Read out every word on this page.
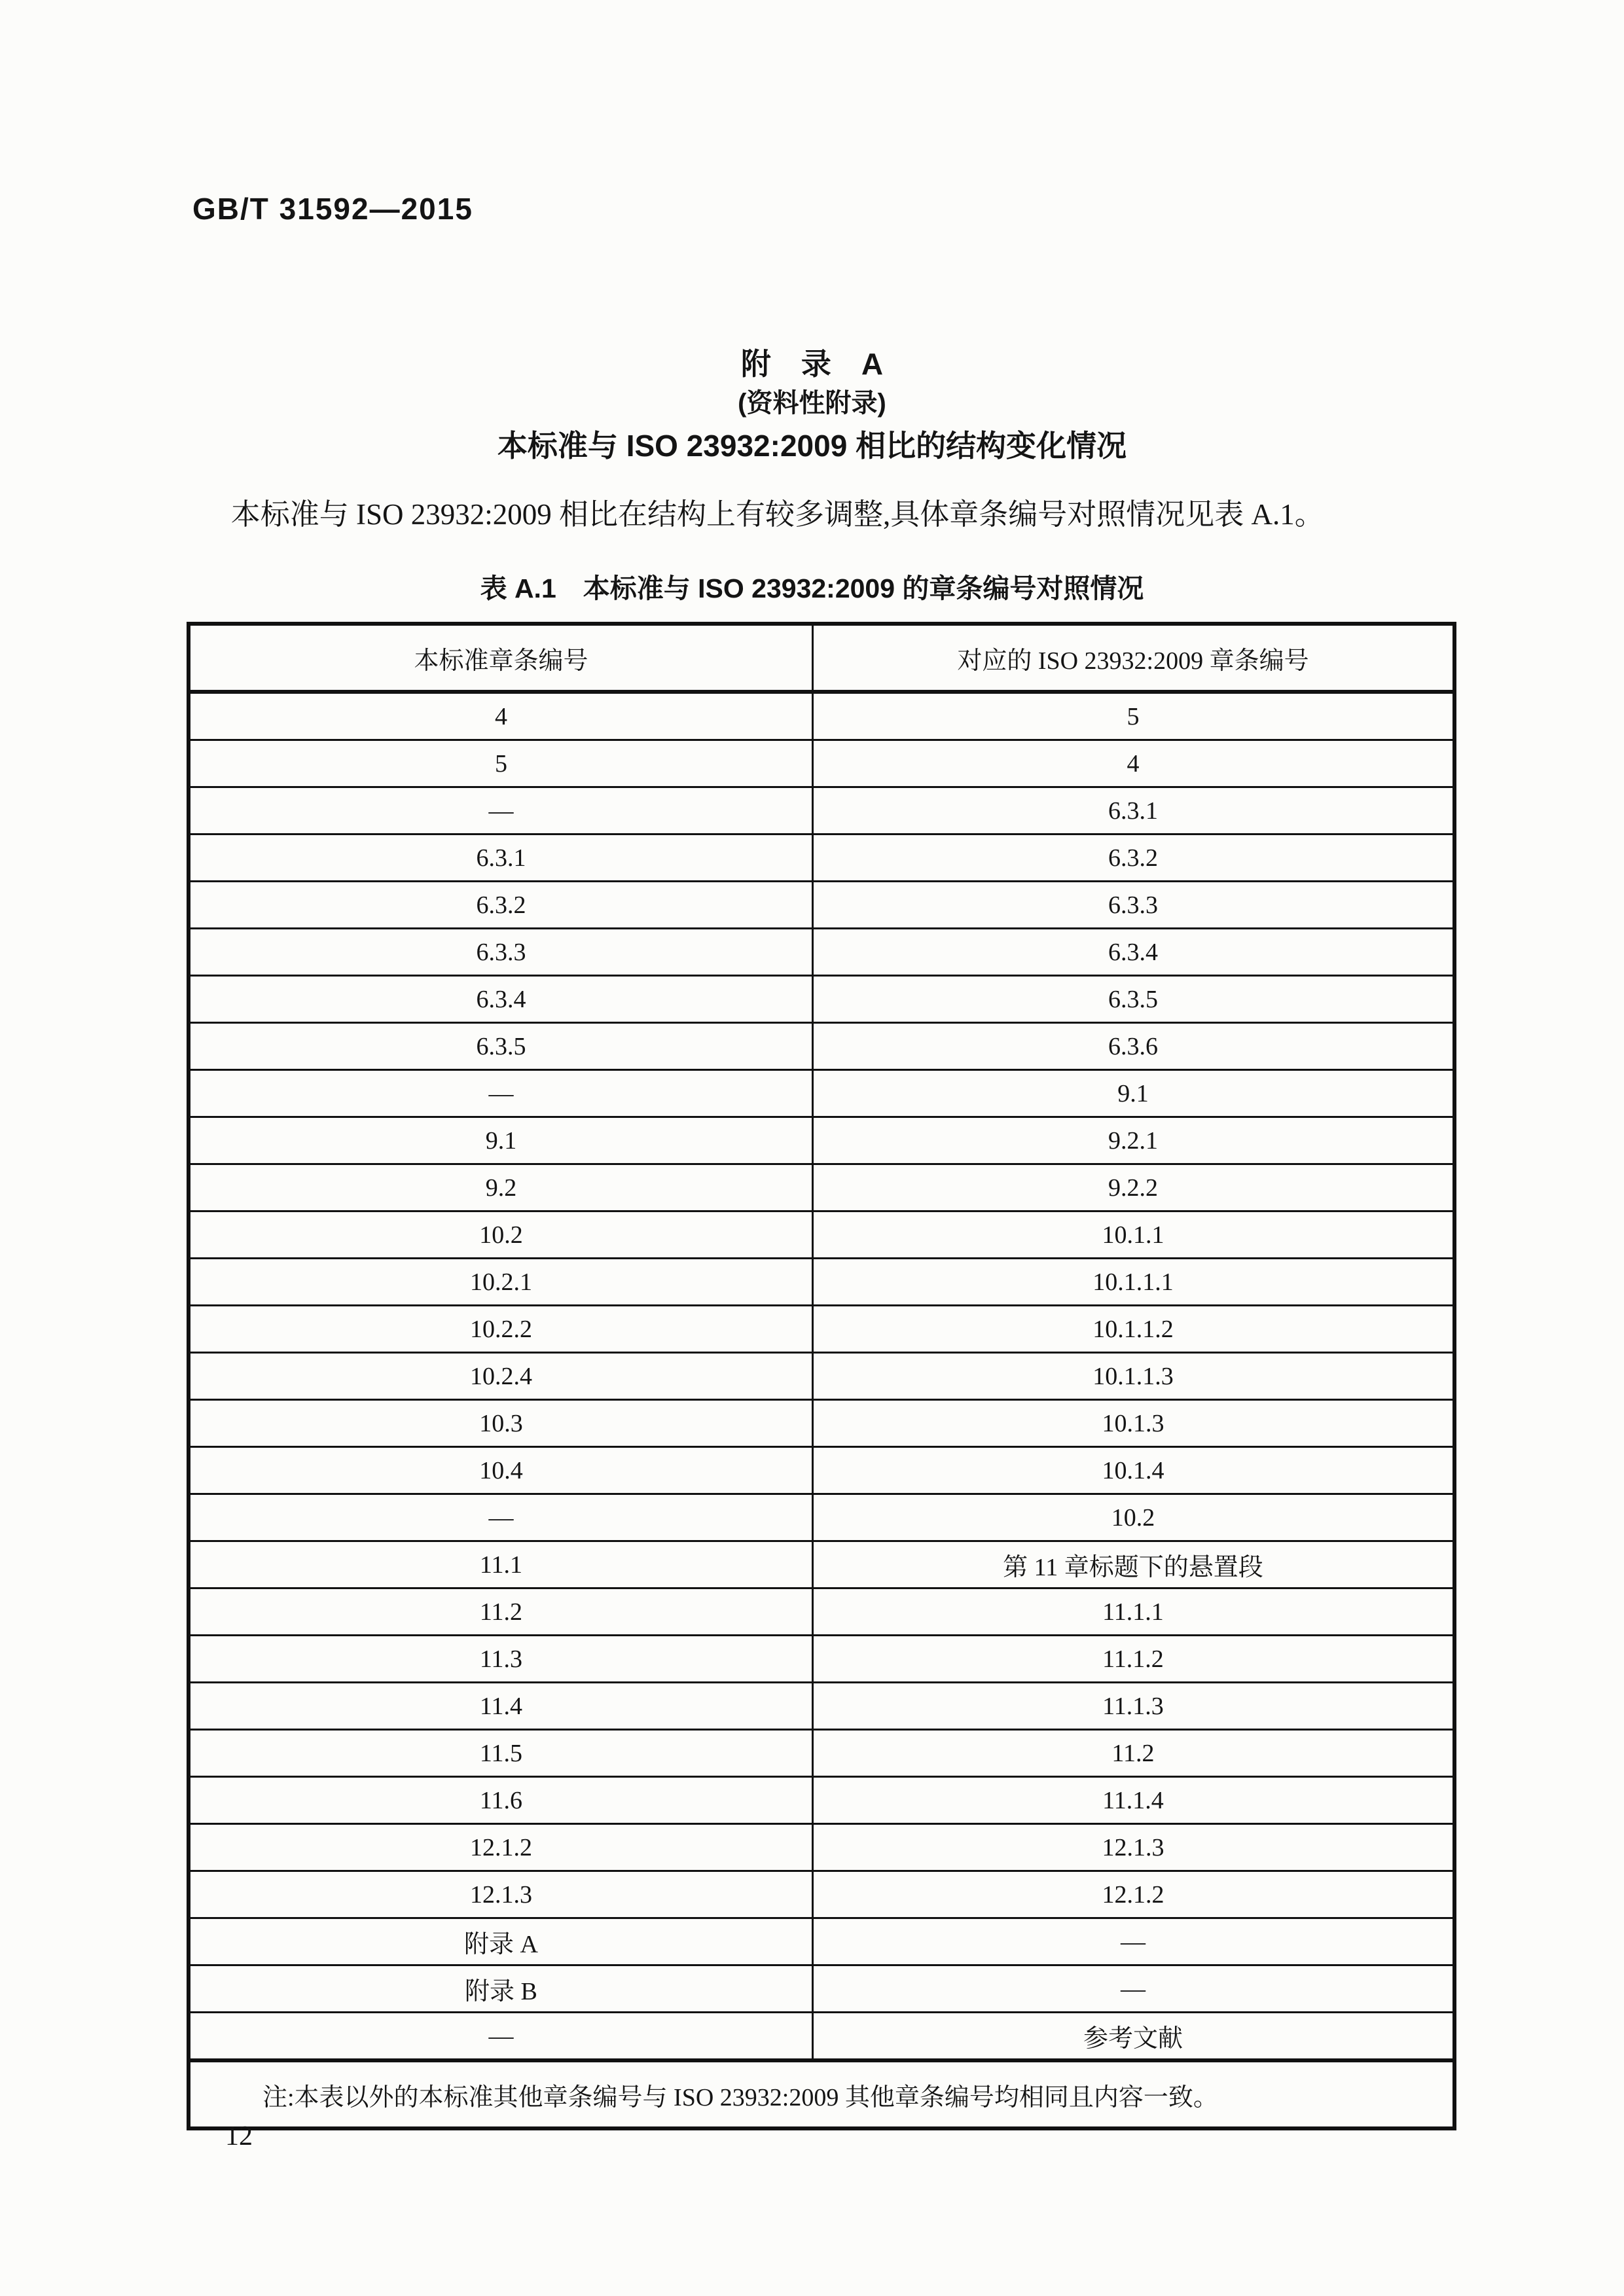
GB/T 31592—2015
附　录　A
(资料性附录)
本标准与 ISO 23932:2009 相比的结构变化情况
本标准与 ISO 23932:2009 相比在结构上有较多调整,具体章条编号对照情况见表 A.1。
表 A.1　本标准与 ISO 23932:2009 的章条编号对照情况
本标准章条编号	对应的 ISO 23932:2009 章条编号
4	5
5	4
—	6.3.1
6.3.1	6.3.2
6.3.2	6.3.3
6.3.3	6.3.4
6.3.4	6.3.5
6.3.5	6.3.6
—	9.1
9.1	9.2.1
9.2	9.2.2
10.2	10.1.1
10.2.1	10.1.1.1
10.2.2	10.1.1.2
10.2.4	10.1.1.3
10.3	10.1.3
10.4	10.1.4
—	10.2
11.1	第 11 章标题下的悬置段
11.2	11.1.1
11.3	11.1.2
11.4	11.1.3
11.5	11.2
11.6	11.1.4
12.1.2	12.1.3
12.1.3	12.1.2
附录 A	—
附录 B	—
—	参考文献
注:本表以外的本标准其他章条编号与 ISO 23932:2009 其他章条编号均相同且内容一致。	
12
